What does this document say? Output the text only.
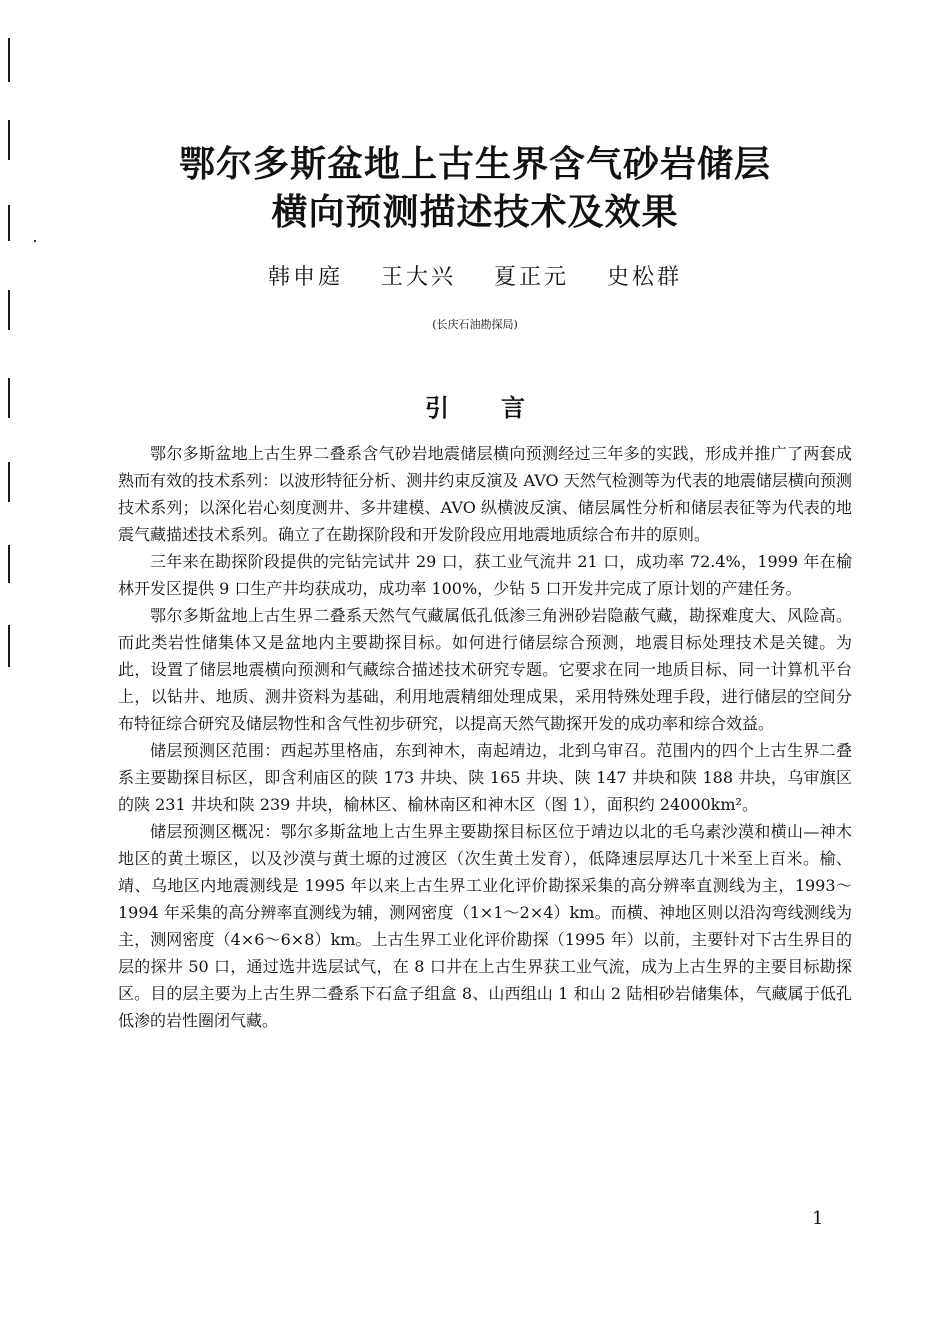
鄂尔多斯盆地上古生界含气砂岩储层
横向预测描述技术及效果
韩申庭 王大兴 夏正元 史松群
(长庆石油勘探局)
引言

鄂尔多斯盆地上古生界二叠系含气砂岩地震储层横向预测经过三年多的实践，形成并推广了两套成熟而有效的技术系列：以波形特征分析、测井约束反演及 AVO 天然气检测等为代表的地震储层横向预测技术系列；以深化岩心刻度测井、多井建模、AVO 纵横波反演、储层属性分析和储层表征等为代表的地震气藏描述技术系列。确立了在勘探阶段和开发阶段应用地震地质综合布井的原则。

三年来在勘探阶段提供的完钻完试井 29 口，获工业气流井 21 口，成功率 72.4%，1999 年在榆林开发区提供 9 口生产井均获成功，成功率 100%，少钻 5 口开发井完成了原计划的产建任务。

鄂尔多斯盆地上古生界二叠系天然气气藏属低孔低渗三角洲砂岩隐蔽气藏，勘探难度大、风险高。而此类岩性储集体又是盆地内主要勘探目标。如何进行储层综合预测，地震目标处理技术是关键。为此，设置了储层地震横向预测和气藏综合描述技术研究专题。它要求在同一地质目标、同一计算机平台上，以钻井、地质、测井资料为基础，利用地震精细处理成果，采用特殊处理手段，进行储层的空间分布特征综合研究及储层物性和含气性初步研究，以提高天然气勘探开发的成功率和综合效益。

储层预测区范围：西起苏里格庙，东到神木，南起靖边，北到乌审召。范围内的四个上古生界二叠系主要勘探目标区，即含利庙区的陕 173 井块、陕 165 井块、陕 147 井块和陕 188 井块，乌审旗区的陕 231 井块和陕 239 井块，榆林区、榆林南区和神木区（图 1），面积约 24000km²。

储层预测区概况：鄂尔多斯盆地上古生界主要勘探目标区位于靖边以北的毛乌素沙漠和横山—神木地区的黄土塬区，以及沙漠与黄土塬的过渡区（次生黄土发育），低降速层厚达几十米至上百米。榆、靖、乌地区内地震测线是 1995 年以来上古生界工业化评价勘探采集的高分辨率直测线为主，1993～1994 年采集的高分辨率直测线为辅，测网密度（1×1～2×4）km。而横、神地区则以沿沟弯线测线为主，测网密度（4×6～6×8）km。上古生界工业化评价勘探（1995 年）以前，主要针对下古生界目的层的探井 50 口，通过选井选层试气，在 8 口井在上古生界获工业气流，成为上古生界的主要目标勘探区。目的层主要为上古生界二叠系下石盒子组盒 8、山西组山 1 和山 2 陆相砂岩储集体，气藏属于低孔低渗的岩性圈闭气藏。

1
